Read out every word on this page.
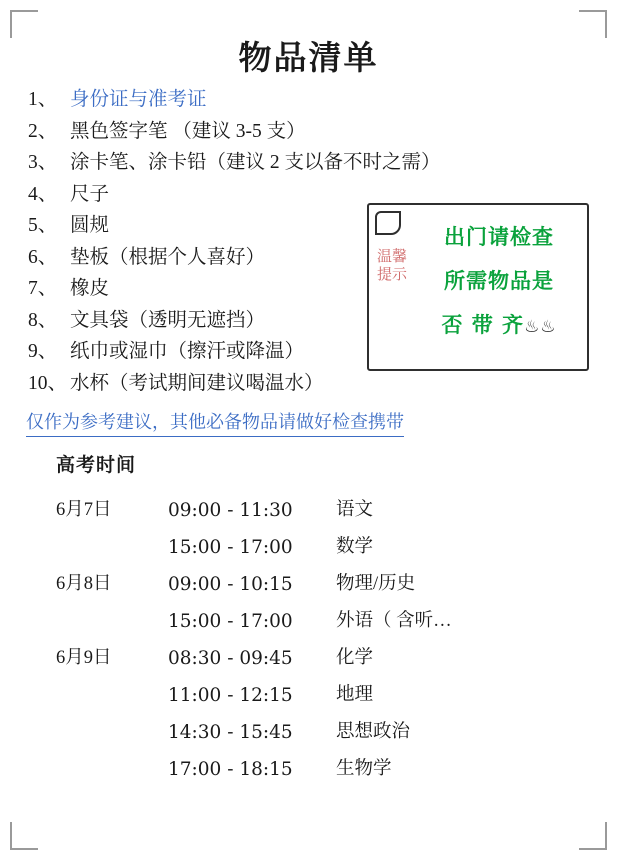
物品清单
1、 身份证与准考证
2、 黑色签字笔 （建议 3-5 支）
3、 涂卡笔、涂卡铅（建议 2 支以备不时之需）
4、 尺子
5、 圆规
6、 垫板（根据个人喜好）
7、 橡皮
8、 文具袋（透明无遮挡）
9、 纸巾或湿巾（擦汗或降温）
10、 水杯（考试期间建议喝温水）
仅作为参考建议，其他必备物品请做好检查携带
温馨提示
出门请检查
所需物品是
否 带 齐♨♨
高考时间
6月7日	09:00 - 11:30	语文
	15:00 - 17:00	数学
6月8日	09:00 - 10:15	物理/历史
	15:00 - 17:00	外语（ 含听…
6月9日	08:30 - 09:45	化学
	11:00 - 12:15	地理
	14:30 - 15:45	思想政治
	17:00 - 18:15	生物学
